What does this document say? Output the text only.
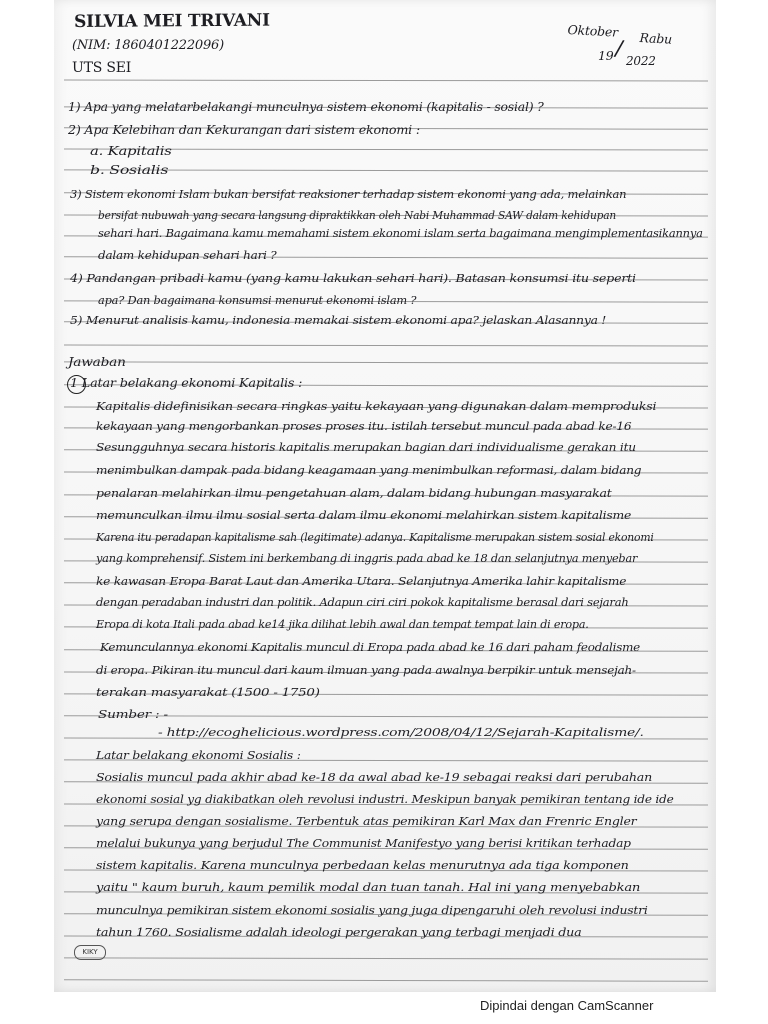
SILVIA MEI TRIVANI
(NIM: 1860401222096)
UTS SEI
Oktober
/ Rabu
19 2022
1) Apa yang melatarbelakangi munculnya sistem ekonomi (kapitalis - sosial) ?
2) Apa Kelebihan dan Kekurangan dari sistem ekonomi :
a. Kapitalis
b. Sosialis
3) Sistem ekonomi Islam bukan bersifat reaksioner terhadap sistem ekonomi yang ada, melainkan
bersifat nubuwah yang secara langsung dipraktikkan oleh Nabi Muhammad SAW dalam kehidupan
sehari hari. Bagaimana kamu memahami sistem ekonomi islam serta bagaimana mengimplementasikannya
dalam kehidupan sehari hari ?
4) Pandangan pribadi kamu (yang kamu lakukan sehari hari). Batasan konsumsi itu seperti
apa? Dan bagaimana konsumsi menurut ekonomi islam ?
5) Menurut analisis kamu, indonesia memakai sistem ekonomi apa? jelaskan Alasannya !
Jawaban
1 Latar belakang ekonomi Kapitalis :
Kapitalis didefinisikan secara ringkas yaitu kekayaan yang digunakan dalam memproduksi
kekayaan yang mengorbankan proses proses itu. istilah tersebut muncul pada abad ke-16
Sesungguhnya secara historis kapitalis merupakan bagian dari individualisme gerakan itu
menimbulkan dampak pada bidang keagamaan yang menimbulkan reformasi, dalam bidang
penalaran melahirkan ilmu pengetahuan alam, dalam bidang hubungan masyarakat
memunculkan ilmu ilmu sosial serta dalam ilmu ekonomi melahirkan sistem kapitalisme
Karena itu peradapan kapitalisme sah (legitimate) adanya. Kapitalisme merupakan sistem sosial ekonomi
yang komprehensif. Sistem ini berkembang di inggris pada abad ke 18 dan selanjutnya menyebar
ke kawasan Eropa Barat Laut dan Amerika Utara. Selanjutnya Amerika lahir kapitalisme
dengan peradaban industri dan politik. Adapun ciri ciri pokok kapitalisme berasal dari sejarah
Eropa di kota Itali pada abad ke14 jika dilihat lebih awal dan tempat tempat lain di eropa.
Kemunculannya ekonomi Kapitalis muncul di Eropa pada abad ke 16 dari paham feodalisme
di eropa. Pikiran itu muncul dari kaum ilmuan yang pada awalnya berpikir untuk mensejah-
terakan masyarakat (1500 - 1750)
Sumber : -
- http://ecoghelicious.wordpress.com/2008/04/12/Sejarah-Kapitalisme/.
Latar belakang ekonomi Sosialis :
Sosialis muncul pada akhir abad ke-18 da awal abad ke-19 sebagai reaksi dari perubahan
ekonomi sosial yg diakibatkan oleh revolusi industri. Meskipun banyak pemikiran tentang ide ide
yang serupa dengan sosialisme. Terbentuk atas pemikiran Karl Max dan Frenric Engler
melalui bukunya yang berjudul The Communist Manifestyo yang berisi kritikan terhadap
sistem kapitalis. Karena munculnya perbedaan kelas menurutnya ada tiga komponen
yaitu " kaum buruh, kaum pemilik modal dan tuan tanah. Hal ini yang menyebabkan
munculnya pemikiran sistem ekonomi sosialis yang juga dipengaruhi oleh revolusi industri
tahun 1760. Sosialisme adalah ideologi pergerakan yang terbagi menjadi dua
KIKY
Dipindai dengan CamScanner
